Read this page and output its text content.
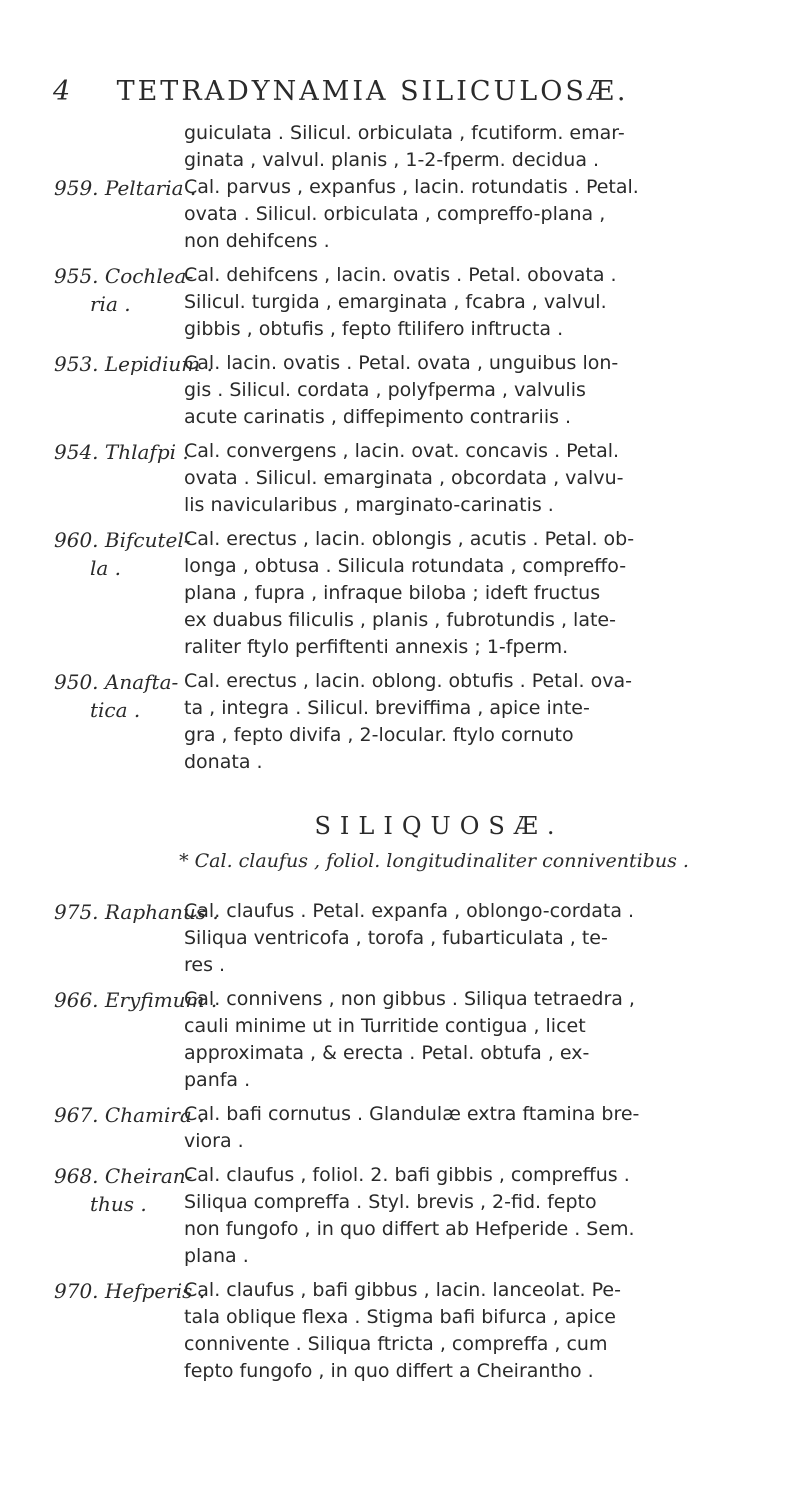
4 TETRADYNAMIA SILICULOSÆ.
guiculata . Silicul. orbiculata , fcutiform. emar-
ginata , valvul. planis , 1-2-fperm. decidua .
959. Peltaria .
Cal. parvus , expanfus , lacin. rotundatis . Petal.
ovata . Silicul. orbiculata , compreffo-plana ,
non dehifcens .
955. Cochlea-
ria .
Cal. dehifcens , lacin. ovatis . Petal. obovata .
Silicul. turgida , emarginata , fcabra , valvul.
gibbis , obtufis , fepto ftilifero inftructa .
953. Lepidium .
Cal. lacin. ovatis . Petal. ovata , unguibus lon-
gis . Silicul. cordata , polyfperma , valvulis
acute carinatis , diffepimento contrariis .
954. Thlafpi .
Cal. convergens , lacin. ovat. concavis . Petal.
ovata . Silicul. emarginata , obcordata , valvu-
lis navicularibus , marginato-carinatis .
960. Bifcutel-
la .
Cal. erectus , lacin. oblongis , acutis . Petal. ob-
longa , obtusa . Silicula rotundata , compreffo-
plana , fupra , infraque biloba ; ideft fructus
ex duabus filiculis , planis , fubrotundis , late-
raliter ftylo perfiftenti annexis ; 1-fperm.
950. Anaftа-
tica .
Cal. erectus , lacin. oblong. obtufis . Petal. ova-
ta , integra . Silicul. breviffima , apice inte-
gra , fepto divifa , 2-locular. ftylo cornuto
donata .
SILIQUOSÆ.
* Cal. claufus , foliol. longitudinaliter conniventibus .
975. Raphanus .
Cal. claufus . Petal. expanfa , oblongo-cordata .
Siliqua ventricofa , torofa , fubarticulata , te-
res .
966. Eryfimum .
Cal. connivens , non gibbus . Siliqua tetraedra ,
cauli minime ut in Turritide contigua , licet
approximata , & erecta . Petal. obtufa , ex-
panfa .
967. Chamira .
Cal. bafi cornutus . Glandulæ extra ftamina bre-
viora .
968. Cheiran-
thus .
Cal. claufus , foliol. 2. bafi gibbis , compreffus .
Siliqua compreffa . Styl. brevis , 2-fid. fepto
non fungofo , in quo differt ab Hefperide . Sem.
plana .
970. Hefperis .
Cal. claufus , bafi gibbus , lacin. lanceolat. Pe-
tala oblique flexa . Stigma bafi bifurca , apice
connivente . Siliqua ftricta , compreffa , cum
fepto fungofo , in quo differt a Cheirantho .
